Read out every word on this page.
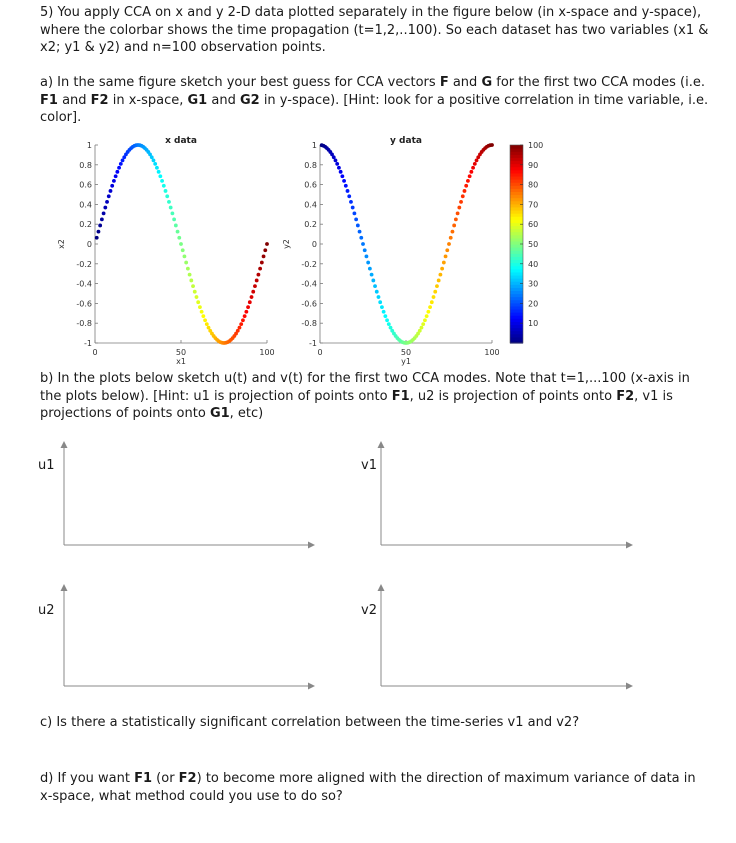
5) You apply CCA on x and y 2-D data plotted separately in the figure below (in x-space and y-space), where the colorbar shows the time propagation (t=1,2,..100). So each dataset has two variables (x1 & x2; y1 & y2) and n=100 observation points.

a) In the same figure sketch your best guess for CCA vectors F and G for the first two CCA modes (i.e. F1 and F2 in x-space, G1 and G2 in y-space). [Hint: look for a positive correlation in time variable, i.e. color].

b) In the plots below sketch u(t) and v(t) for the first two CCA modes. Note that t=1,...100 (x-axis in the plots below). [Hint: u1 is projection of points onto F1, u2 is projection of points onto F2, v1 is projections of points onto G1, etc)

c) Is there a statistically significant correlation between the time-series v1 and v2?

d) If you want F1 (or F2) to become more aligned with the direction of maximum variance of data in x-space, what method could you use to do so?

u1	v1
u2	v2
-1
-0.8
-0.6
-0.4
-0.2
0
0.2
0.4
0.6
0.8
1
0	50	100
x data
x1
x2
-1
-0.8
-0.6
-0.4
-0.2
0
0.2
0.4
0.6
0.8
1
0	50	100
y data
y1
y2
10
20
30
40
50
60
70
80
90
100
